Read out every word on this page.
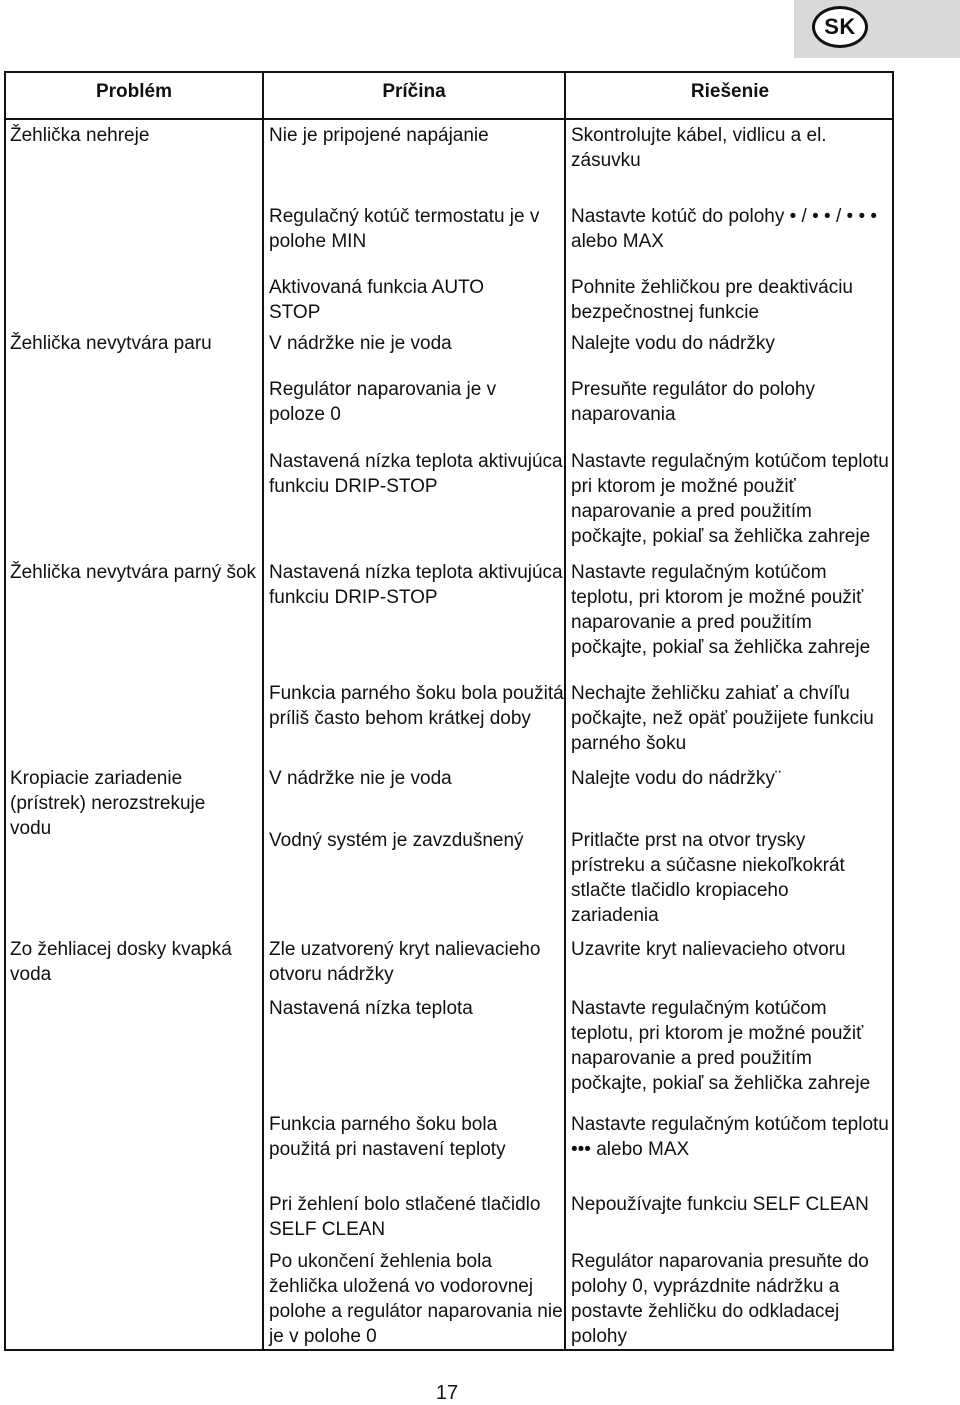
SK
Problém	Príčina	Riešenie
Žehlička nehreje
Žehlička nevytvára paru
Žehlička nevytvára parný šok
Kropiacie zariadenie (prístrek) nerozstrekuje vodu
Zo žehliacej dosky kvapká voda
Nie je pripojené napájanie
Regulačný kotúč termostatu je v polohe MIN
Aktivovaná funkcia AUTO STOP
V nádržke nie je voda
Regulátor naparovania je v poloze 0
Nastavená nízka teplota aktivujúca funkciu DRIP-STOP
Nastavená nízka teplota aktivujúca funkciu DRIP-STOP
Funkcia parného šoku bola použitá príliš často behom krátkej doby
V nádržke nie je voda
Vodný systém je zavzdušnený
Zle uzatvorený kryt nalievacieho otvoru nádržky
Nastavená nízka teplota
Funkcia parného šoku bola použitá pri nastavení teploty
Pri žehlení bolo stlačené tlačidlo SELF CLEAN
Po ukončení žehlenia bola žehlička uložená vo vodorovnej polohe a regulátor naparovania nie je v polohe 0
Skontrolujte kábel, vidlicu a el. zásuvku
Nastavte kotúč do polohy • / • • / • • • alebo MAX
Pohnite žehličkou pre deaktiváciu bezpečnostnej funkcie
Nalejte vodu do nádržky
Presuňte regulátor do polohy naparovania
Nastavte regulačným kotúčom teplotu pri ktorom je možné použiť naparovanie a pred použitím počkajte, pokiaľ sa žehlička zahreje
Nastavte regulačným kotúčom teplotu, pri ktorom je možné použiť naparovanie a pred použitím počkajte, pokiaľ sa žehlička zahreje
Nechajte žehličku zahiať a chvíľu počkajte, než opäť použijete funkciu parného šoku
Nalejte vodu do nádržky¨
Pritlačte prst na otvor trysky prístreku a súčasne niekoľkokrát stlačte tlačidlo kropiaceho zariadenia
Uzavrite kryt nalievacieho otvoru
Nastavte regulačným kotúčom teplotu, pri ktorom je možné použiť naparovanie a pred použitím počkajte, pokiaľ sa žehlička zahreje
Nastavte regulačným kotúčom teplotu ••• alebo MAX
Nepoužívajte funkciu SELF CLEAN
Regulátor naparovania presuňte do polohy 0, vyprázdnite nádržku a postavte žehličku do odkladacej polohy
17
